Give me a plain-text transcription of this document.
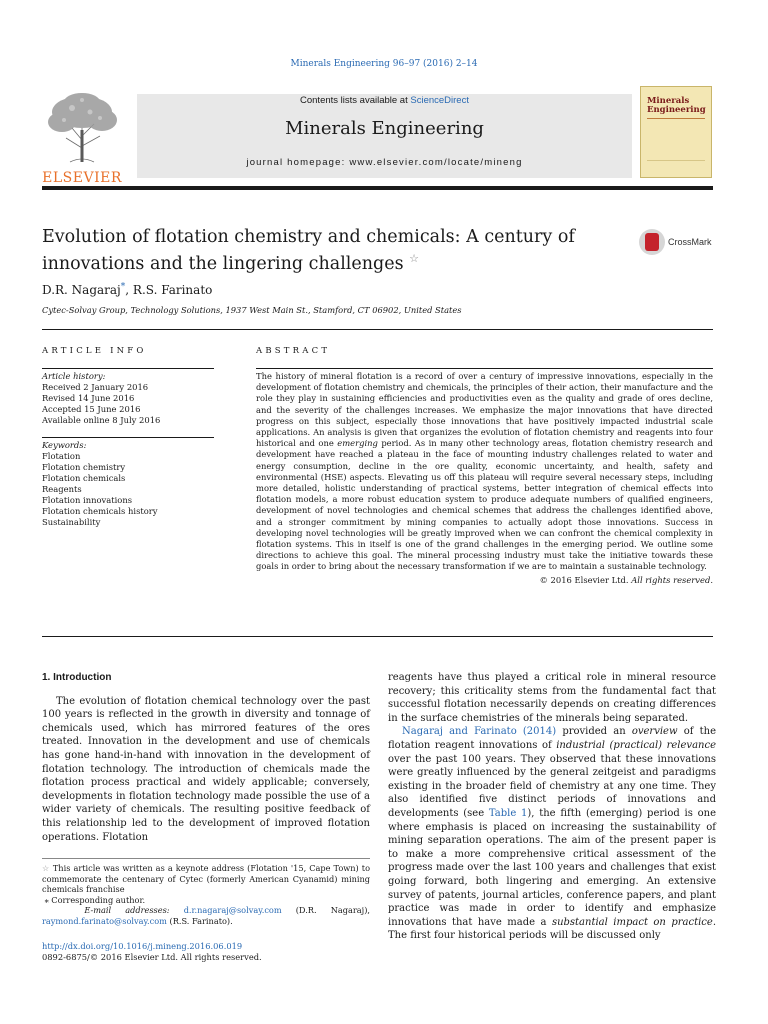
Minerals Engineering 96–97 (2016) 2–14
ELSEVIER
Contents lists available at ScienceDirect
Minerals Engineering
journal homepage: www.elsevier.com/locate/mineng
Minerals
Engineering
Evolution of flotation chemistry and chemicals: A century of innovations and the lingering challenges ☆
CrossMark
D.R. Nagaraj*, R.S. Farinato
Cytec-Solvay Group, Technology Solutions, 1937 West Main St., Stamford, CT 06902, United States
ARTICLE INFO	ABSTRACT
Article history:
Received 2 January 2016
Revised 14 June 2016
Accepted 15 June 2016
Available online 8 July 2016
Keywords:
Flotation
Flotation chemistry
Flotation chemicals
Reagents
Flotation innovations
Flotation chemicals history
Sustainability
The history of mineral flotation is a record of over a century of impressive innovations, especially in the development of flotation chemistry and chemicals, the principles of their action, their manufacture and the role they play in sustaining efficiencies and productivities even as the quality and grade of ores decline, and the severity of the challenges increases. We emphasize the major innovations that have directed progress on this subject, especially those innovations that have positively impacted industrial scale applications. An analysis is given that organizes the evolution of flotation chemistry and reagents into four historical and one emerging period. As in many other technology areas, flotation chemistry research and development have reached a plateau in the face of mounting industry challenges related to water and energy consumption, decline in the ore quality, economic uncertainty, and health, safety and environmental (HSE) aspects. Elevating us off this plateau will require several necessary steps, including more detailed, holistic understanding of practical systems, better integration of chemical effects into flotation models, a more robust education system to produce adequate numbers of qualified engineers, development of novel technologies and chemical schemes that address the challenges identified above, and a stronger commitment by mining companies to actually adopt those innovations. Success in developing novel technologies will be greatly improved when we can confront the chemical complexity in flotation systems. This in itself is one of the grand challenges in the emerging period. We outline some directions to achieve this goal. The mineral processing industry must take the initiative towards these goals in order to bring about the necessary transformation if we are to maintain a sustainable technology.
© 2016 Elsevier Ltd. All rights reserved.
1. Introduction

The evolution of flotation chemical technology over the past 100 years is reflected in the growth in diversity and tonnage of chemicals used, which has mirrored features of the ores treated. Innovation in the development and use of chemicals has gone hand-in-hand with innovation in the development of flotation technology. The introduction of chemicals made the flotation process practical and widely applicable; conversely, developments in flotation technology made possible the use of a wider variety of chemicals. The resulting positive feedback of this relationship led to the development of improved flotation operations. Flotation

reagents have thus played a critical role in mineral resource recovery; this criticality stems from the fundamental fact that successful flotation necessarily depends on creating differences in the surface chemistries of the minerals being separated.

Nagaraj and Farinato (2014) provided an overview of the flotation reagent innovations of industrial (practical) relevance over the past 100 years. They observed that these innovations were greatly influenced by the general zeitgeist and paradigms existing in the broader field of chemistry at any one time. They also identified five distinct periods of innovations and developments (see Table 1), the fifth (emerging) period is one where emphasis is placed on increasing the sustainability of mining separation operations. The aim of the present paper is to make a more comprehensive critical assessment of the progress made over the last 100 years and challenges that exist going forward, both lingering and emerging. An extensive survey of patents, journal articles, conference papers, and plant practice was made in order to identify and emphasize innovations that have made a substantial impact on practice. The first four historical periods will be discussed only

☆ This article was written as a keynote address (Flotation '15, Cape Town) to commemorate the centenary of Cytec (formerly American Cyanamid) mining chemicals franchise

⁎ Corresponding author.

E-mail addresses: d.r.nagaraj@solvay.com (D.R. Nagaraj), raymond.farinato@solvay.com (R.S. Farinato).

http://dx.doi.org/10.1016/j.mineng.2016.06.019
0892-6875/© 2016 Elsevier Ltd. All rights reserved.
